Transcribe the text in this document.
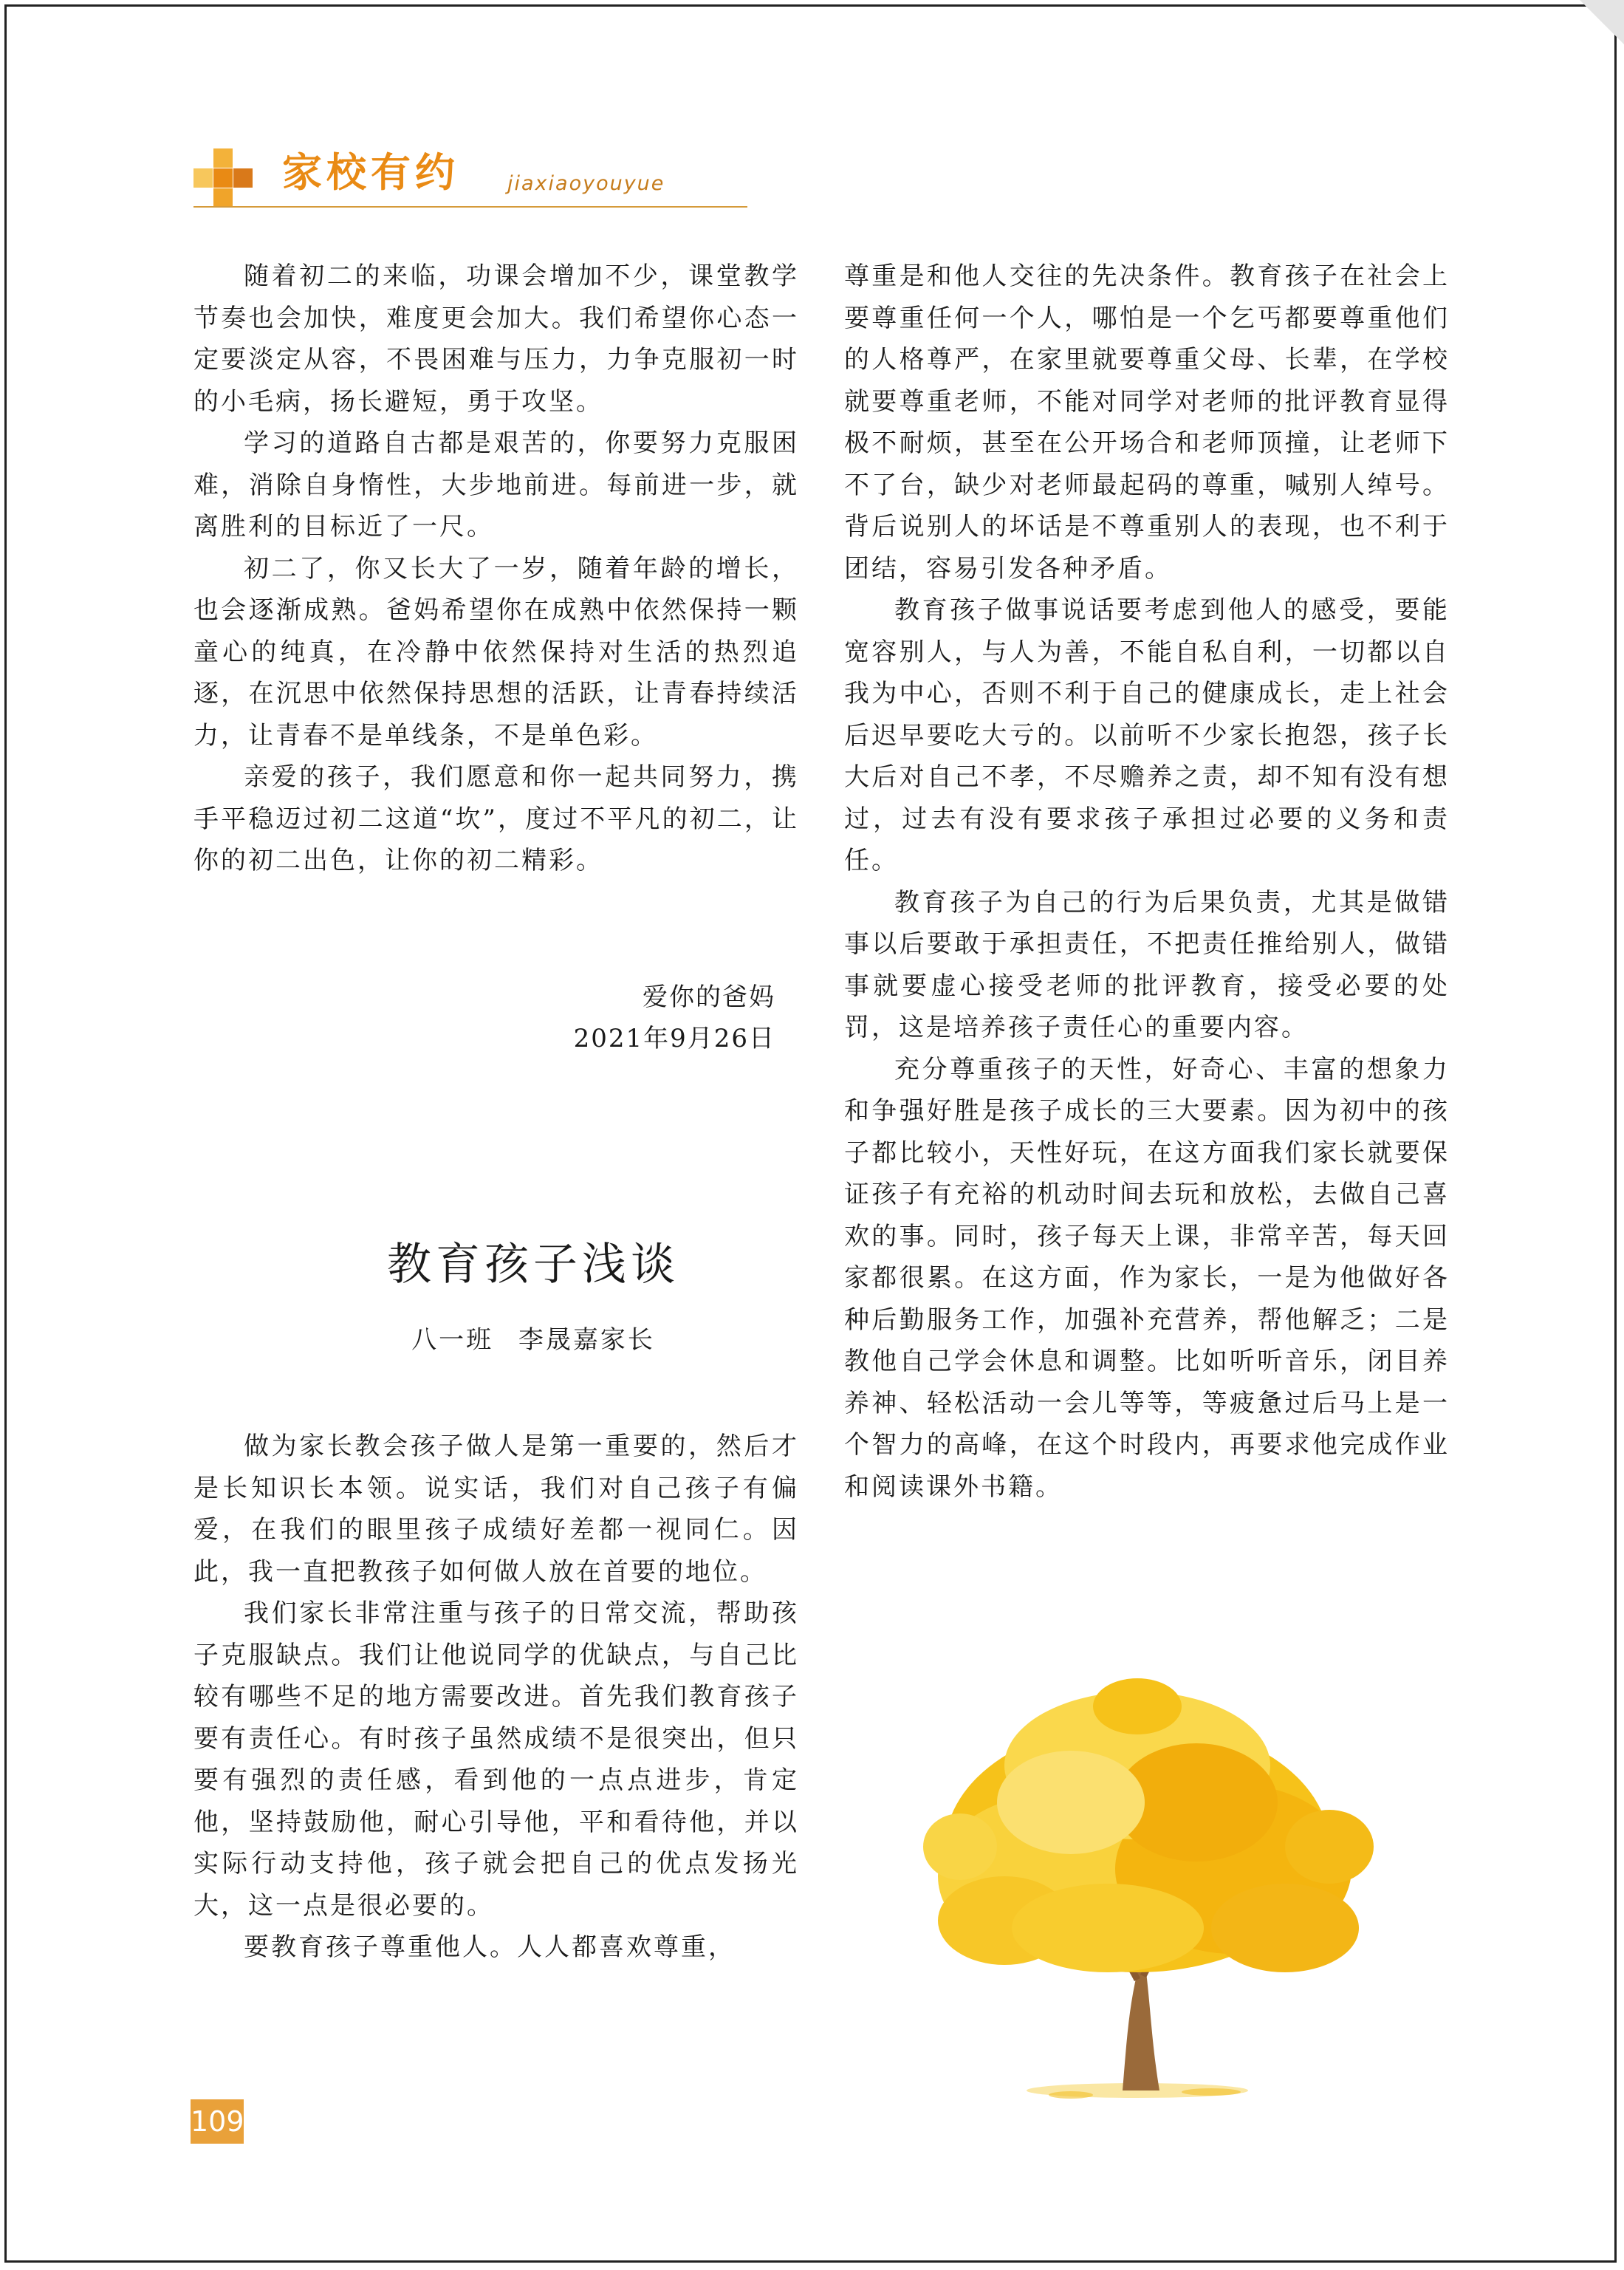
家校有约 jiaxiaoyouyue

随着初二的来临，功课会增加不少，课堂教学节奏也会加快，难度更会加大。我们希望你心态一定要淡定从容，不畏困难与压力，力争克服初一时的小毛病，扬长避短，勇于攻坚。

学习的道路自古都是艰苦的，你要努力克服困难，消除自身惰性，大步地前进。每前进一步，就离胜利的目标近了一尺。

初二了，你又长大了一岁，随着年龄的增长，也会逐渐成熟。爸妈希望你在成熟中依然保持一颗童心的纯真，在冷静中依然保持对生活的热烈追逐，在沉思中依然保持思想的活跃，让青春持续活力，让青春不是单线条，不是单色彩。

亲爱的孩子，我们愿意和你一起共同努力，携手平稳迈过初二这道“坎”，度过不平凡的初二，让你的初二出色，让你的初二精彩。

爱你的爸妈
2021年9月26日
教育孩子浅谈
八一班 李晟嘉家长

做为家长教会孩子做人是第一重要的，然后才是长知识长本领。说实话，我们对自己孩子有偏爱，在我们的眼里孩子成绩好差都一视同仁。因此，我一直把教孩子如何做人放在首要的地位。

我们家长非常注重与孩子的日常交流，帮助孩子克服缺点。我们让他说同学的优缺点，与自己比较有哪些不足的地方需要改进。首先我们教育孩子要有责任心。有时孩子虽然成绩不是很突出，但只要有强烈的责任感，看到他的一点点进步，肯定他，坚持鼓励他，耐心引导他，平和看待他，并以实际行动支持他，孩子就会把自己的优点发扬光大，这一点是很必要的。

要教育孩子尊重他人。人人都喜欢尊重，

尊重是和他人交往的先决条件。教育孩子在社会上要尊重任何一个人，哪怕是一个乞丐都要尊重他们的人格尊严，在家里就要尊重父母、长辈，在学校就要尊重老师，不能对同学对老师的批评教育显得极不耐烦，甚至在公开场合和老师顶撞，让老师下不了台，缺少对老师最起码的尊重，喊别人绰号。背后说别人的坏话是不尊重别人的表现，也不利于团结，容易引发各种矛盾。

教育孩子做事说话要考虑到他人的感受，要能宽容别人，与人为善，不能自私自利，一切都以自我为中心，否则不利于自己的健康成长，走上社会后迟早要吃大亏的。以前听不少家长抱怨，孩子长大后对自己不孝，不尽赡养之责，却不知有没有想过，过去有没有要求孩子承担过必要的义务和责任。

教育孩子为自己的行为后果负责，尤其是做错事以后要敢于承担责任，不把责任推给别人，做错事就要虚心接受老师的批评教育，接受必要的处罚，这是培养孩子责任心的重要内容。

充分尊重孩子的天性，好奇心、丰富的想象力和争强好胜是孩子成长的三大要素。因为初中的孩子都比较小，天性好玩，在这方面我们家长就要保证孩子有充裕的机动时间去玩和放松，去做自己喜欢的事。同时，孩子每天上课，非常辛苦，每天回家都很累。在这方面，作为家长，一是为他做好各种后勤服务工作，加强补充营养，帮他解乏；二是教他自己学会休息和调整。比如听听音乐，闭目养养神、轻松活动一会儿等等，等疲惫过后马上是一个智力的高峰，在这个时段内，再要求他完成作业和阅读课外书籍。

109
